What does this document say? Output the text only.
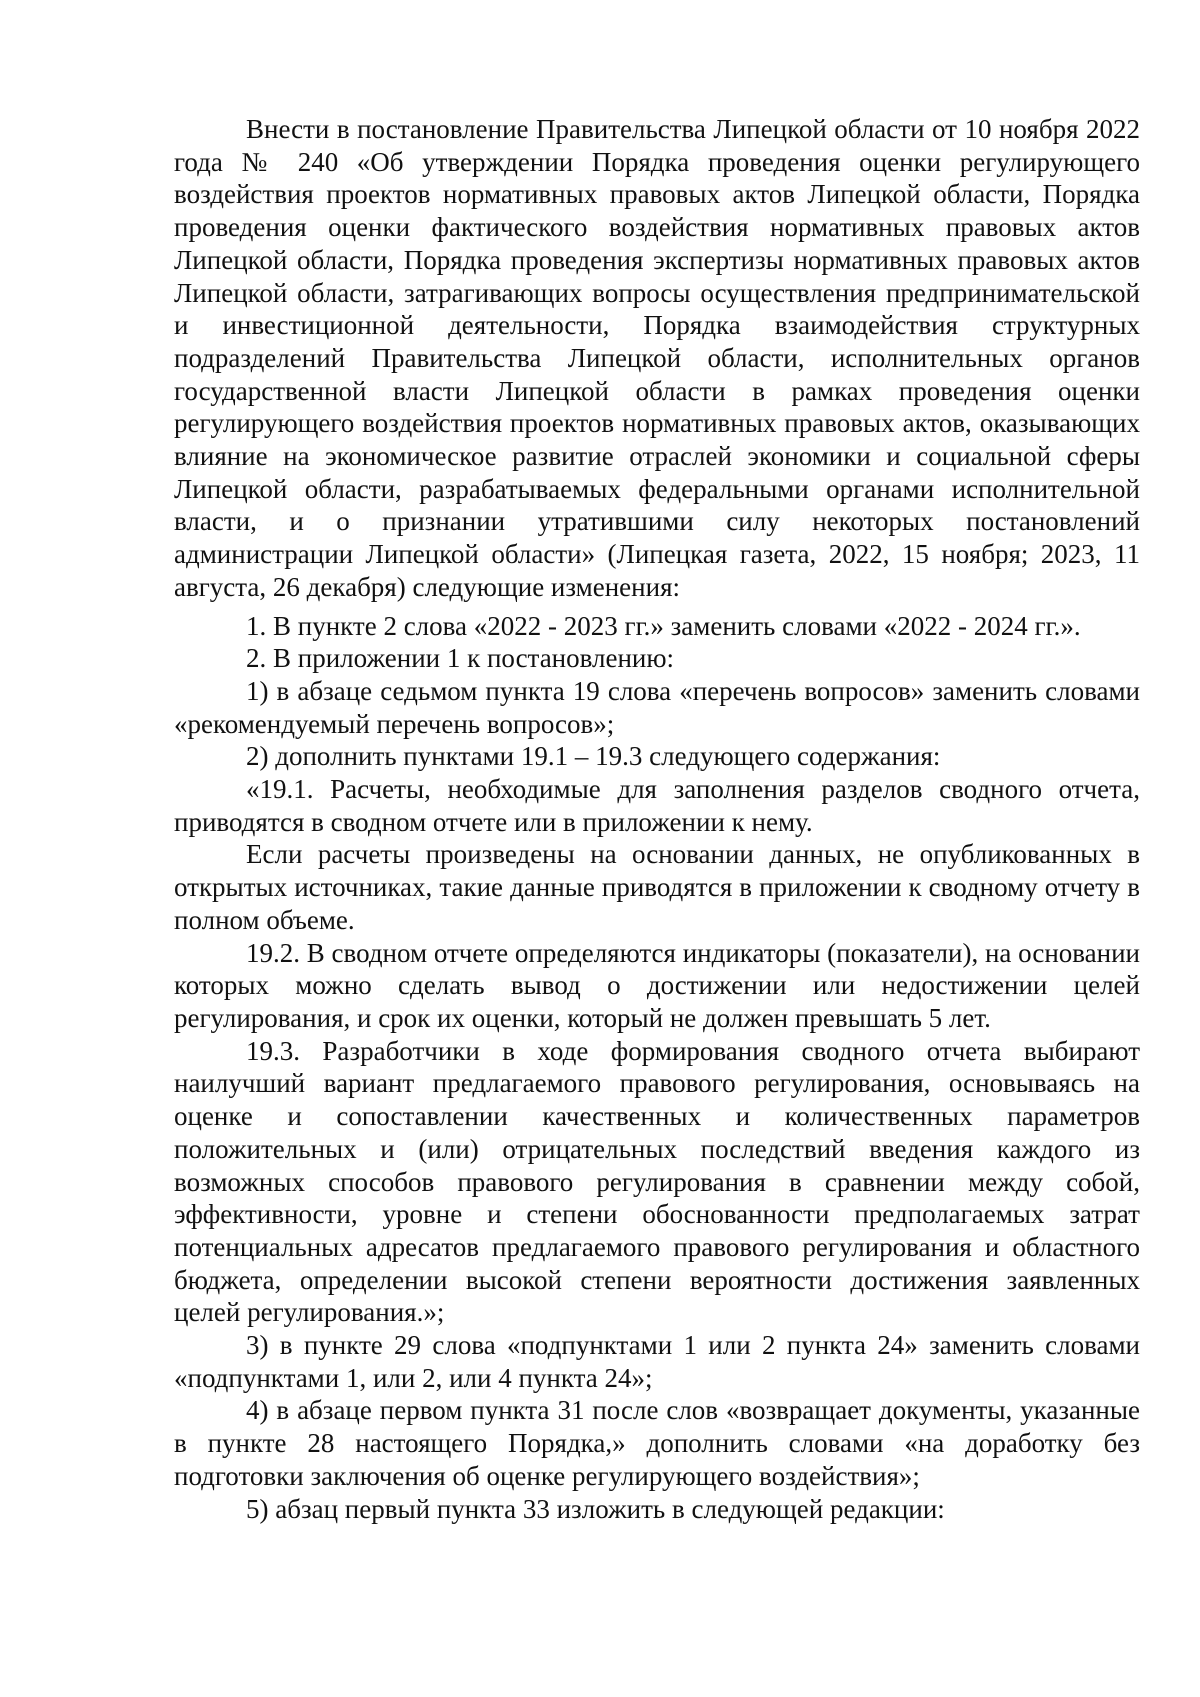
Внести в постановление Правительства Липецкой области от 10 ноября 2022 года № 240 «Об утверждении Порядка проведения оценки регулирующего воздействия проектов нормативных правовых актов Липецкой области, Порядка проведения оценки фактического воздействия нормативных правовых актов Липецкой области, Порядка проведения экспертизы нормативных правовых актов Липецкой области, затрагивающих вопросы осуществления предпринимательской и инвестиционной деятельности, Порядка взаимодействия структурных подразделений Правительства Липецкой области, исполнительных органов государственной власти Липецкой области в рамках проведения оценки регулирующего воздействия проектов нормативных правовых актов, оказывающих влияние на экономическое развитие отраслей экономики и социальной сферы Липецкой области, разрабатываемых федеральными органами исполнительной власти, и о признании утратившими силу некоторых постановлений администрации Липецкой области» (Липецкая газета, 2022, 15 ноября; 2023, 11 августа, 26 декабря) следующие изменения:

1. В пункте 2 слова «2022 - 2023 гг.» заменить словами «2022 - 2024 гг.».

2. В приложении 1 к постановлению:

1) в абзаце седьмом пункта 19 слова «перечень вопросов» заменить словами «рекомендуемый перечень вопросов»;

2) дополнить пунктами 19.1 – 19.3 следующего содержания:

«19.1. Расчеты, необходимые для заполнения разделов сводного отчета, приводятся в сводном отчете или в приложении к нему.

Если расчеты произведены на основании данных, не опубликованных в открытых источниках, такие данные приводятся в приложении к сводному отчету в полном объеме.

19.2. В сводном отчете определяются индикаторы (показатели), на основании которых можно сделать вывод о достижении или недостижении целей регулирования, и срок их оценки, который не должен превышать 5 лет.

19.3. Разработчики в ходе формирования сводного отчета выбирают наилучший вариант предлагаемого правового регулирования, основываясь на оценке и сопоставлении качественных и количественных параметров положительных и (или) отрицательных последствий введения каждого из возможных способов правового регулирования в сравнении между собой, эффективности, уровне и степени обоснованности предполагаемых затрат потенциальных адресатов предлагаемого правового регулирования и областного бюджета, определении высокой степени вероятности достижения заявленных целей регулирования.»;

3) в пункте 29 слова «подпунктами 1 или 2 пункта 24» заменить словами «подпунктами 1, или 2, или 4 пункта 24»;

4) в абзаце первом пункта 31 после слов «возвращает документы, указанные в пункте 28 настоящего Порядка,» дополнить словами «на доработку без подготовки заключения об оценке регулирующего воздействия»;

5) абзац первый пункта 33 изложить в следующей редакции:
